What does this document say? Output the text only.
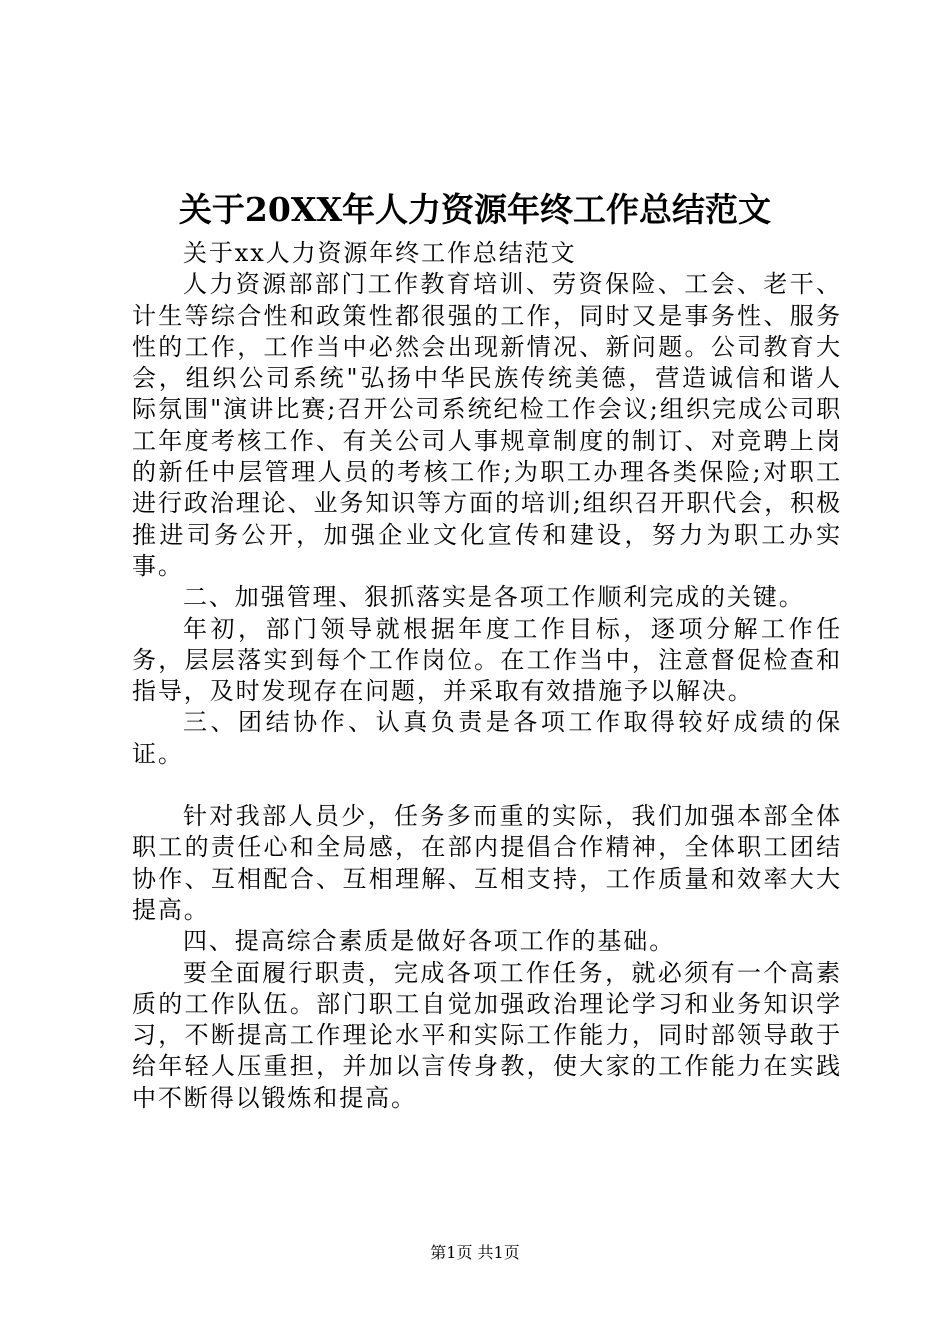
关于20XX年人力资源年终工作总结范文

关于xx人力资源年终工作总结范文

人力资源部部门工作教育培训、劳资保险、工会、老干、计生等综合性和政策性都很强的工作，同时又是事务性、服务性的工作，工作当中必然会出现新情况、新问题。公司教育大会，组织公司系统"弘扬中华民族传统美德，营造诚信和谐人际氛围"演讲比赛;召开公司系统纪检工作会议;组织完成公司职工年度考核工作、有关公司人事规章制度的制订、对竞聘上岗的新任中层管理人员的考核工作;为职工办理各类保险;对职工进行政治理论、业务知识等方面的培训;组织召开职代会，积极推进司务公开，加强企业文化宣传和建设，努力为职工办实事。

二、加强管理、狠抓落实是各项工作顺利完成的关键。

年初，部门领导就根据年度工作目标，逐项分解工作任务，层层落实到每个工作岗位。在工作当中，注意督促检查和指导，及时发现存在问题，并采取有效措施予以解决。

三、团结协作、认真负责是各项工作取得较好成绩的保证。

针对我部人员少，任务多而重的实际，我们加强本部全体职工的责任心和全局感，在部内提倡合作精神，全体职工团结协作、互相配合、互相理解、互相支持，工作质量和效率大大提高。

四、提高综合素质是做好各项工作的基础。

要全面履行职责，完成各项工作任务，就必须有一个高素质的工作队伍。部门职工自觉加强政治理论学习和业务知识学习，不断提高工作理论水平和实际工作能力，同时部领导敢于给年轻人压重担，并加以言传身教，使大家的工作能力在实践中不断得以锻炼和提高。

第1页 共1页
